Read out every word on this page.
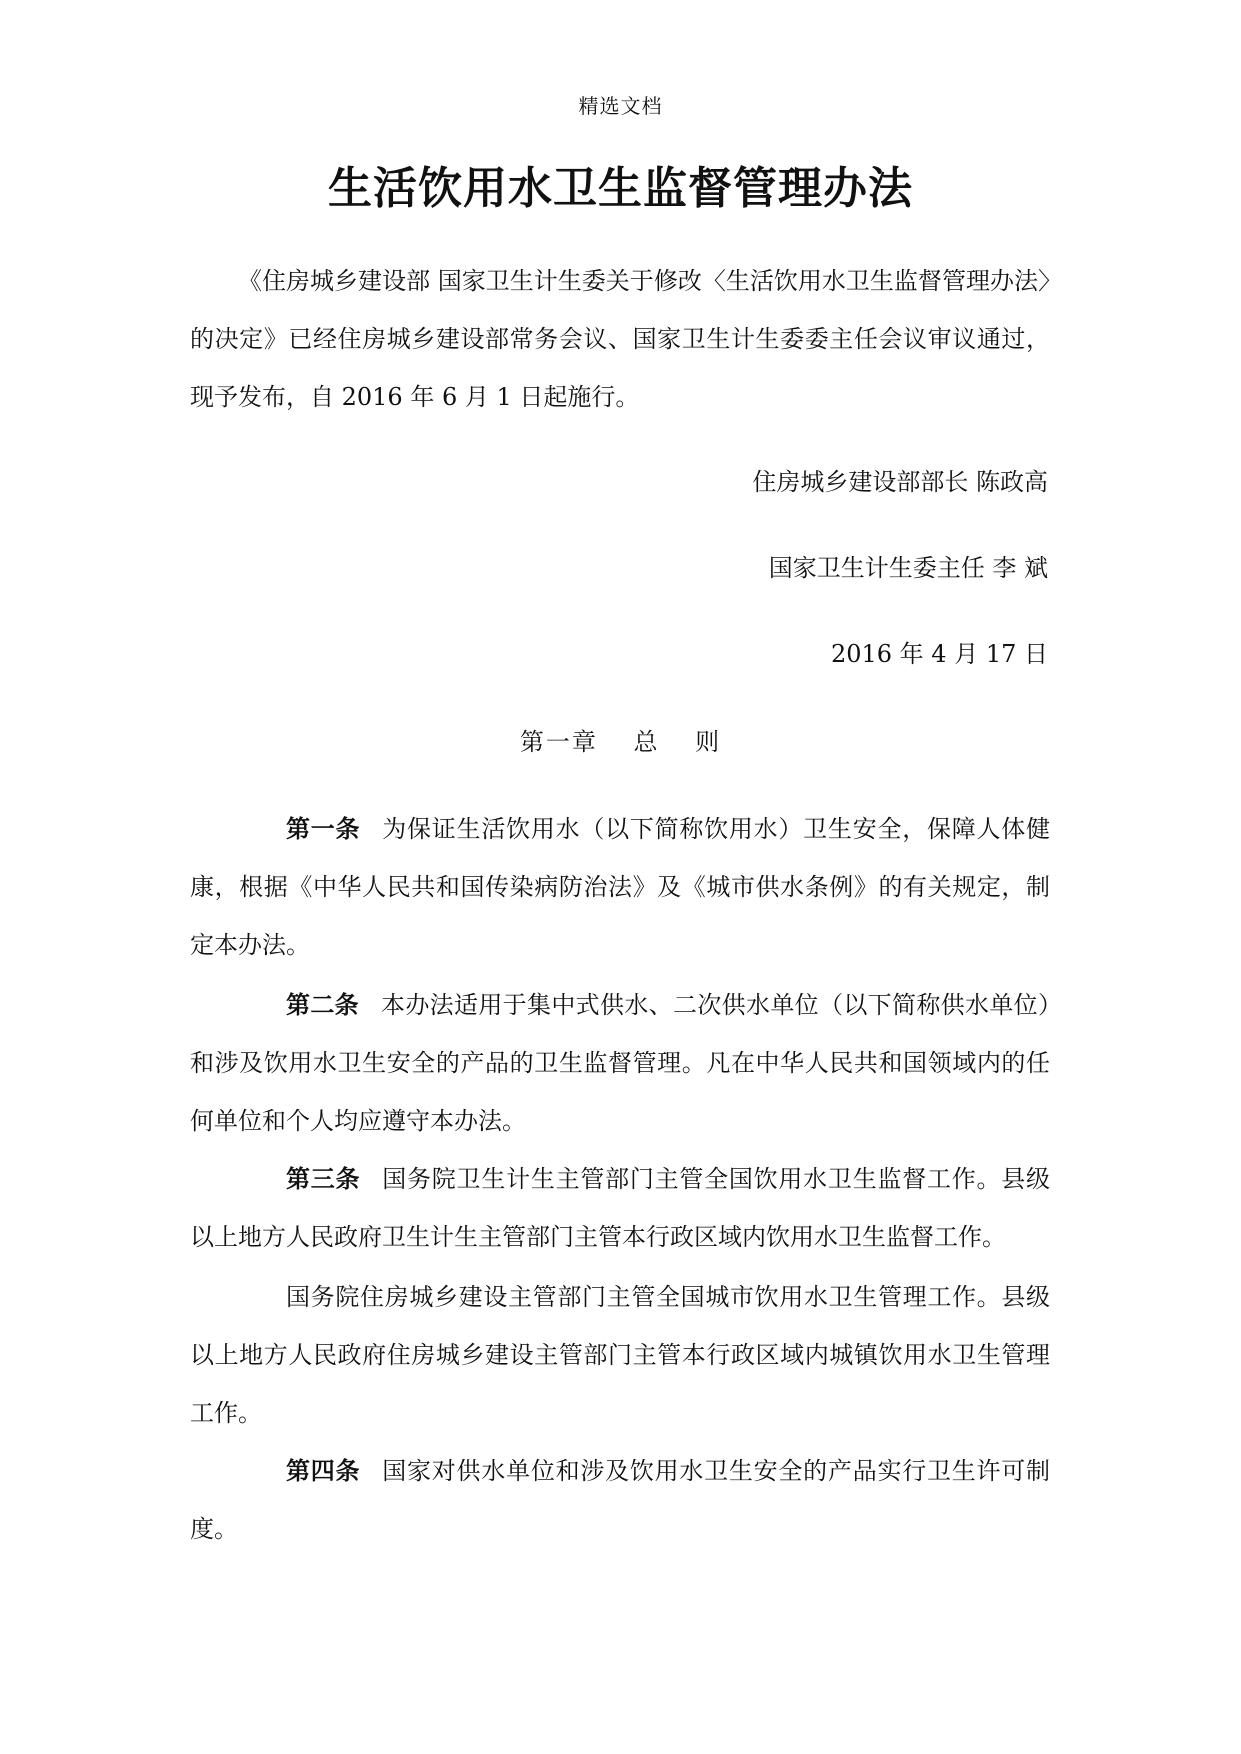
精选文档
生活饮用水卫生监督管理办法

《住房城乡建设部 国家卫生计生委关于修改〈生活饮用水卫生监督管理办法〉的决定》已经住房城乡建设部常务会议、国家卫生计生委委主任会议审议通过，现予发布，自 2016 年 6 月 1 日起施行。

住房城乡建设部部长 陈政高
国家卫生计生委主任 李 斌
2016 年 4 月 17 日
第一章　 总　 则

第一条 为保证生活饮用水（以下简称饮用水）卫生安全，保障人体健康，根据《中华人民共和国传染病防治法》及《城市供水条例》的有关规定，制定本办法。

第二条 本办法适用于集中式供水、二次供水单位（以下简称供水单位）和涉及饮用水卫生安全的产品的卫生监督管理。凡在中华人民共和国领域内的任何单位和个人均应遵守本办法。

第三条 国务院卫生计生主管部门主管全国饮用水卫生监督工作。县级以上地方人民政府卫生计生主管部门主管本行政区域内饮用水卫生监督工作。

国务院住房城乡建设主管部门主管全国城市饮用水卫生管理工作。县级以上地方人民政府住房城乡建设主管部门主管本行政区域内城镇饮用水卫生管理工作。

第四条 国家对供水单位和涉及饮用水卫生安全的产品实行卫生许可制度。
